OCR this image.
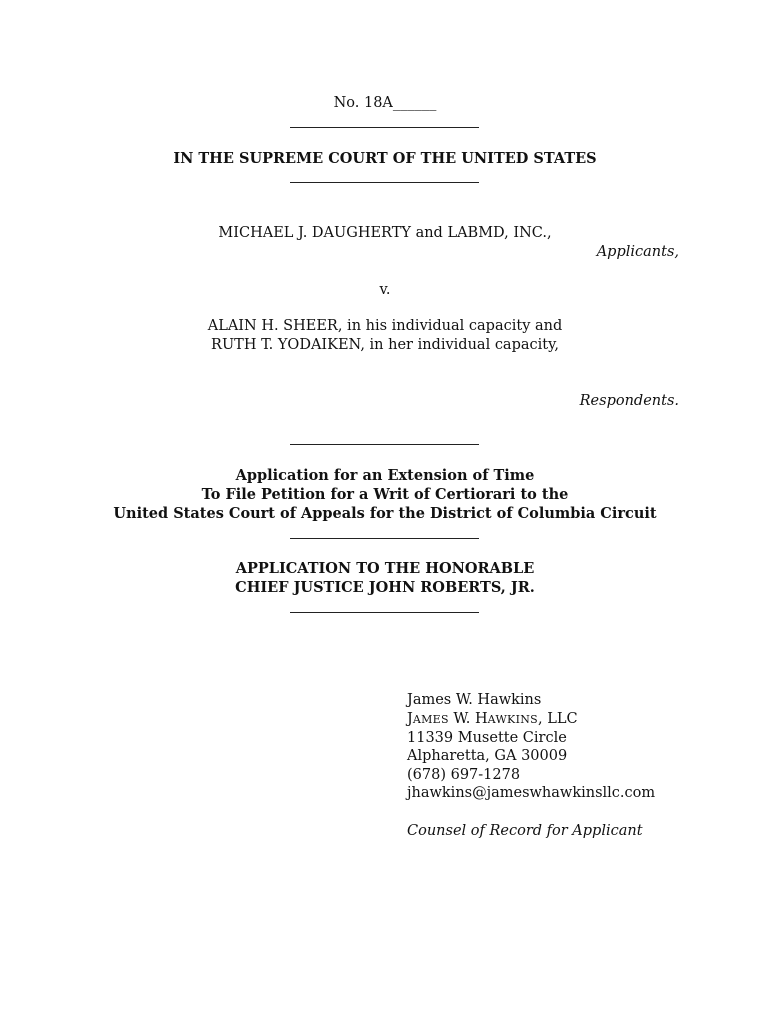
No. 18A______
IN THE SUPREME COURT OF THE UNITED STATES
MICHAEL J. DAUGHERTY and LABMD, INC.,
Applicants,
v.
ALAIN H. SHEER, in his individual capacity and
RUTH T. YODAIKEN, in her individual capacity,
Respondents.
Application for an Extension of Time
To File Petition for a Writ of Certiorari to the
United States Court of Appeals for the District of Columbia Circuit
APPLICATION TO THE HONORABLE
CHIEF JUSTICE JOHN ROBERTS, JR.
James W. Hawkins
JAMES W. HAWKINS, LLC
11339 Musette Circle
Alpharetta, GA 30009
(678) 697-1278
jhawkins@jameswhawkinsllc.com
Counsel of Record for Applicant
